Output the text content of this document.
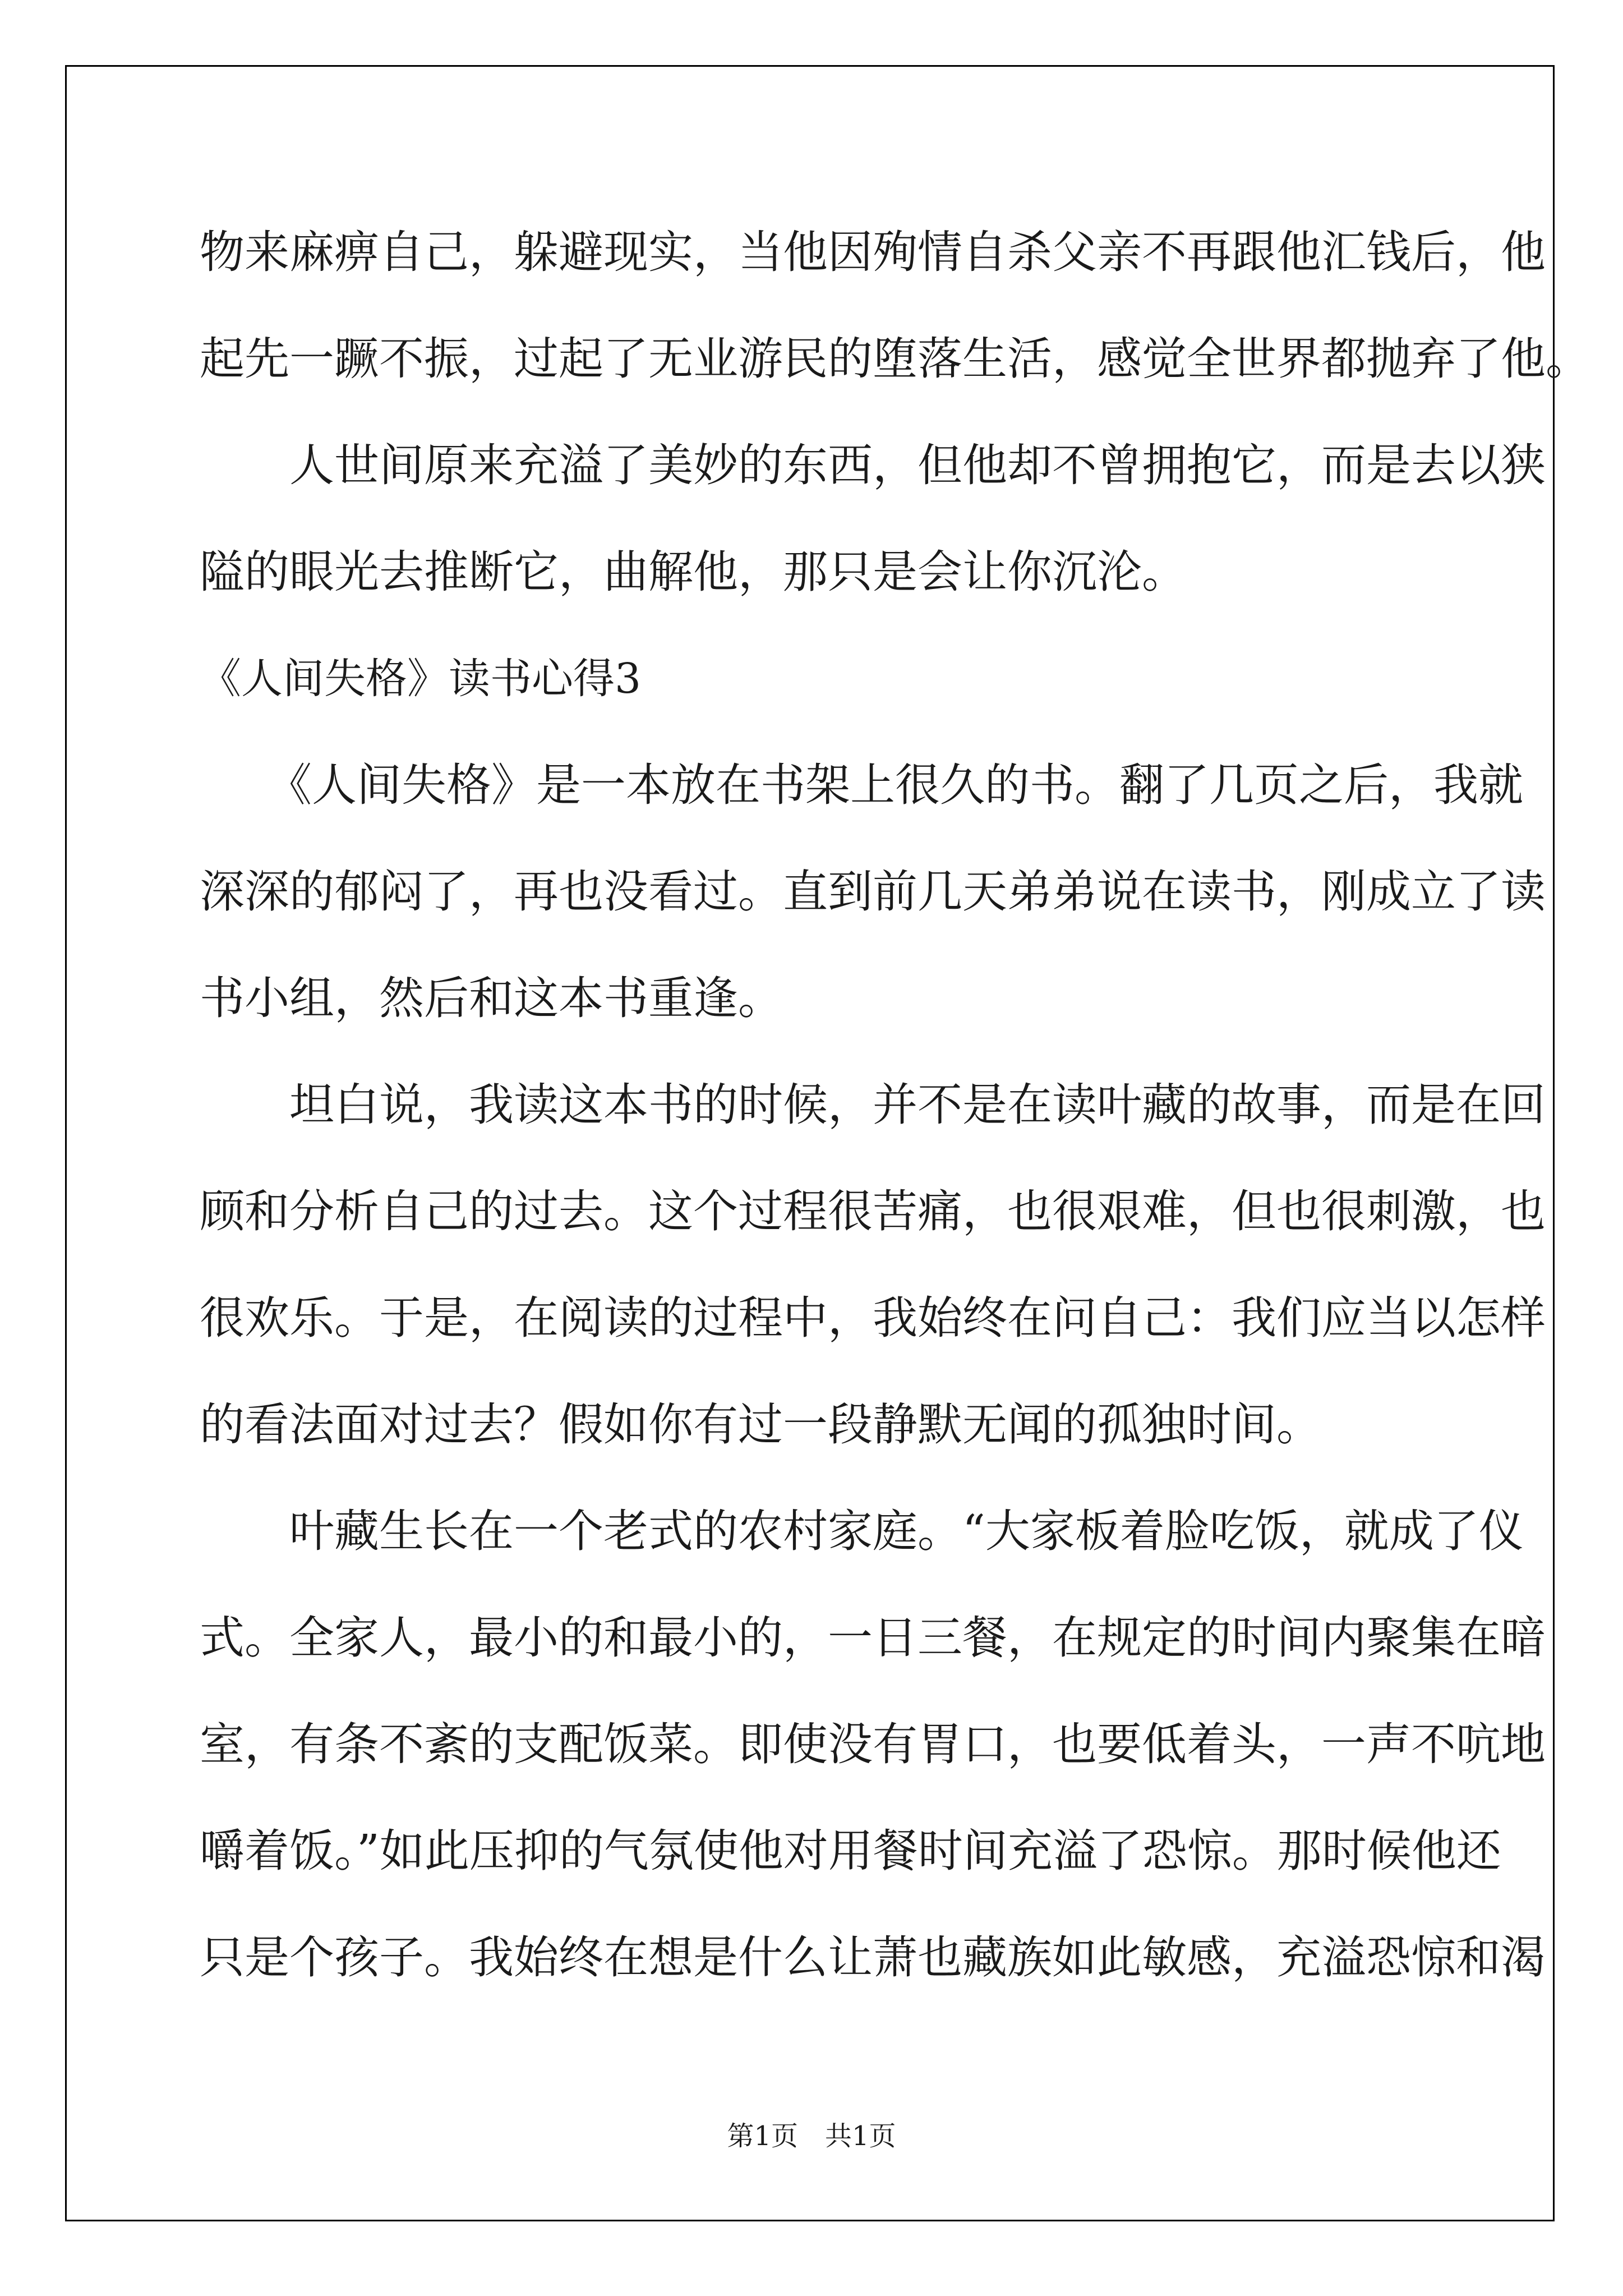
物来麻痹自己，躲避现实，当他因殉情自杀父亲不再跟他汇钱后，他
起先一蹶不振，过起了无业游民的堕落生活，感觉全世界都抛弃了他。
　　人世间原来充溢了美妙的东西，但他却不曾拥抱它，而是去以狭
隘的眼光去推断它，曲解他，那只是会让你沉沦。
《人间失格》读书心得3
　　《人间失格》是一本放在书架上很久的书。翻了几页之后，我就
深深的郁闷了，再也没看过。直到前几天弟弟说在读书，刚成立了读
书小组，然后和这本书重逢。
　　坦白说，我读这本书的时候，并不是在读叶藏的故事，而是在回
顾和分析自己的过去。这个过程很苦痛，也很艰难，但也很刺激，也
很欢乐。于是，在阅读的过程中，我始终在问自己：我们应当以怎样
的看法面对过去？假如你有过一段静默无闻的孤独时间。
　　叶藏生长在一个老式的农村家庭。“大家板着脸吃饭，就成了仪
式。全家人，最小的和最小的，一日三餐，在规定的时间内聚集在暗
室，有条不紊的支配饭菜。即使没有胃口，也要低着头，一声不吭地
嚼着饭。”如此压抑的气氛使他对用餐时间充溢了恐惊。那时候他还
只是个孩子。我始终在想是什么让萧也藏族如此敏感，充溢恐惊和渴
第1页　共1页
